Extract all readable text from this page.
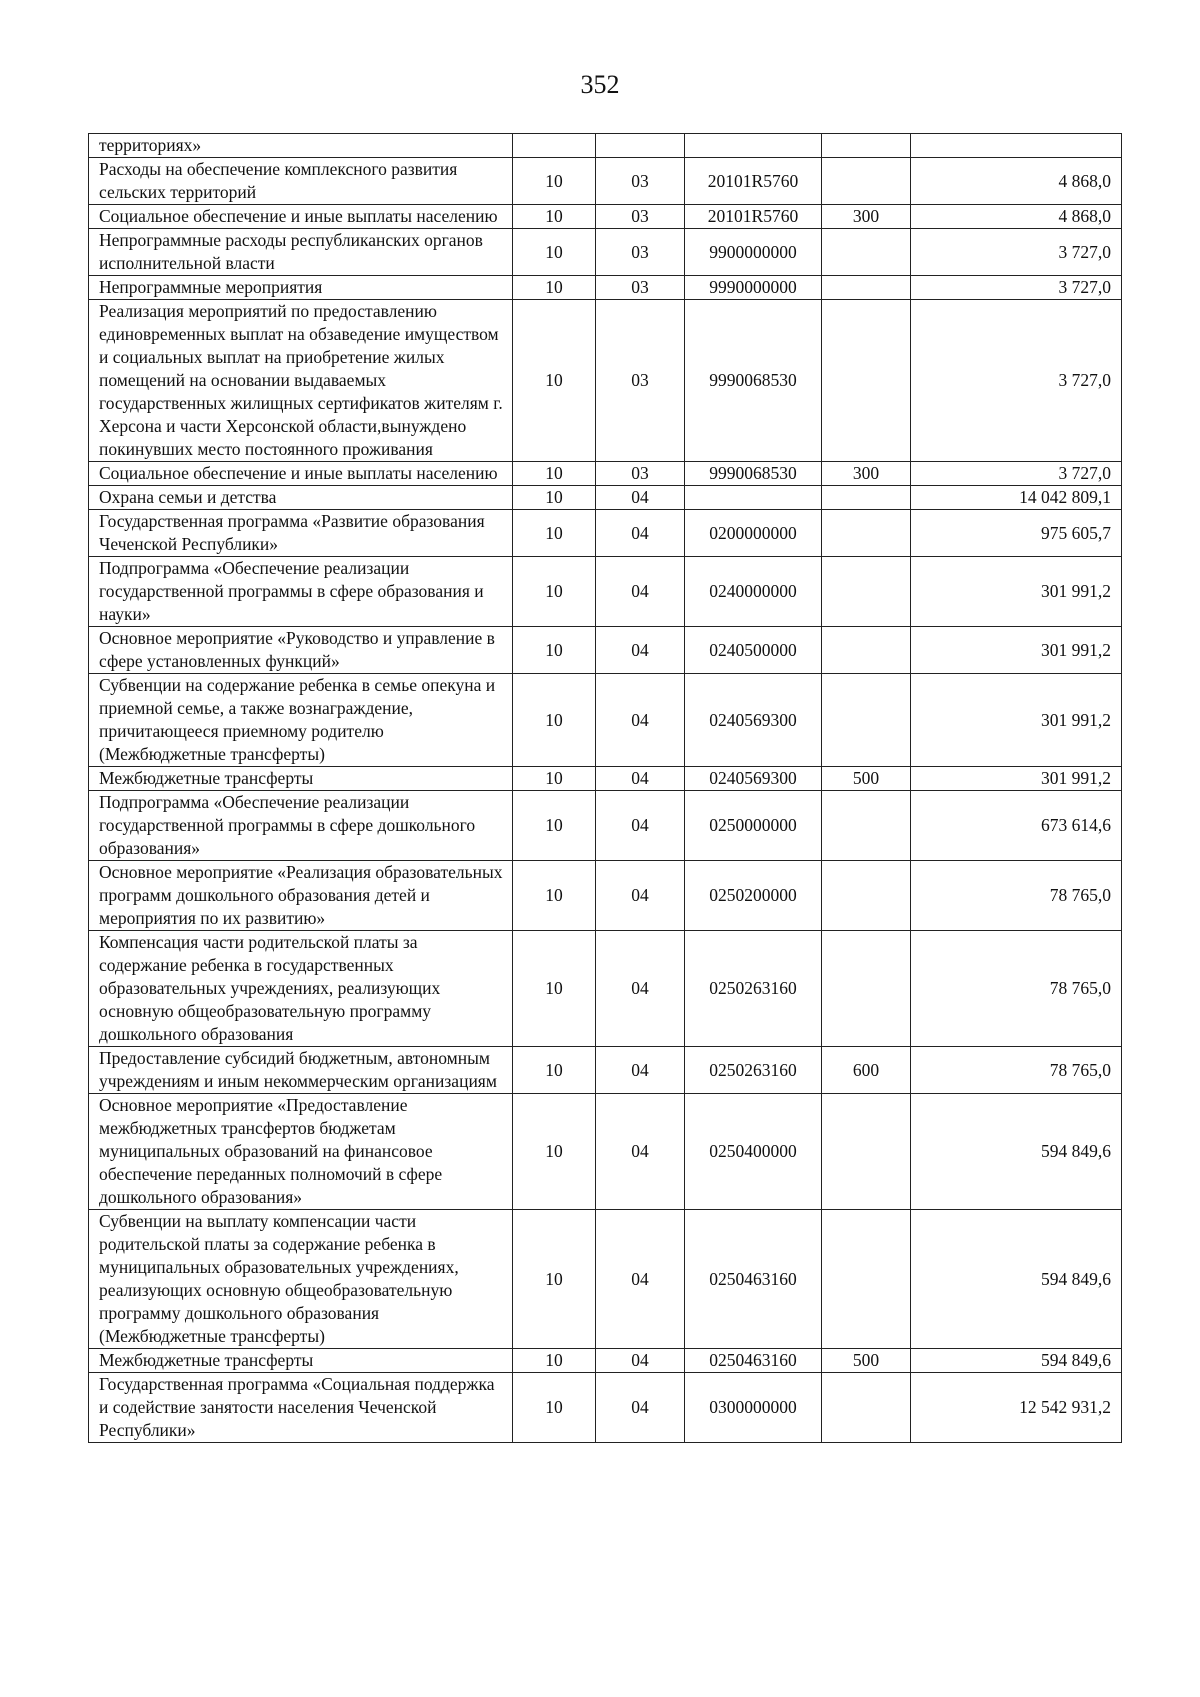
352
территориях»					
Расходы на обеспечение комплексного развития сельских территорий	10	03	20101R5760		4 868,0
Социальное обеспечение и иные выплаты населению	10	03	20101R5760	300	4 868,0
Непрограммные расходы республиканских органов исполнительной власти	10	03	9900000000		3 727,0
Непрограммные мероприятия	10	03	9990000000		3 727,0
Реализация мероприятий по предоставлению единовременных выплат на обзаведение имуществом и социальных выплат на приобретение жилых помещений на основании выдаваемых государственных жилищных сертификатов жителям г. Херсона и части Херсонской области,вынуждено покинувших место постоянного проживания	10	03	9990068530		3 727,0
Социальное обеспечение и иные выплаты населению	10	03	9990068530	300	3 727,0
Охрана семьи и детства	10	04			14 042 809,1
Государственная программа «Развитие образования Чеченской Республики»	10	04	0200000000		975 605,7
Подпрограмма «Обеспечение реализации государственной программы в сфере образования и науки»	10	04	0240000000		301 991,2
Основное мероприятие «Руководство и управление в сфере установленных функций»	10	04	0240500000		301 991,2
Субвенции на содержание ребенка в семье опекуна и приемной семье, а также вознаграждение, причитающееся приемному родителю (Межбюджетные трансферты)	10	04	0240569300		301 991,2
Межбюджетные трансферты	10	04	0240569300	500	301 991,2
Подпрограмма «Обеспечение реализации государственной программы в сфере дошкольного образования»	10	04	0250000000		673 614,6
Основное мероприятие «Реализация образовательных программ дошкольного образования детей и мероприятия по их развитию»	10	04	0250200000		78 765,0
Компенсация части родительской платы за содержание ребенка в государственных образовательных учреждениях, реализующих основную общеобразовательную программу дошкольного образования	10	04	0250263160		78 765,0
Предоставление субсидий бюджетным, автономным учреждениям и иным некоммерческим организациям	10	04	0250263160	600	78 765,0
Основное мероприятие «Предоставление межбюджетных трансфертов бюджетам муниципальных образований на финансовое обеспечение переданных полномочий в сфере дошкольного образования»	10	04	0250400000		594 849,6
Субвенции на выплату компенсации части родительской платы за содержание ребенка в муниципальных образовательных учреждениях, реализующих основную общеобразовательную программу дошкольного образования (Межбюджетные трансферты)	10	04	0250463160		594 849,6
Межбюджетные трансферты	10	04	0250463160	500	594 849,6
Государственная программа «Социальная поддержка и содействие занятости населения Чеченской Республики»	10	04	0300000000		12 542 931,2
